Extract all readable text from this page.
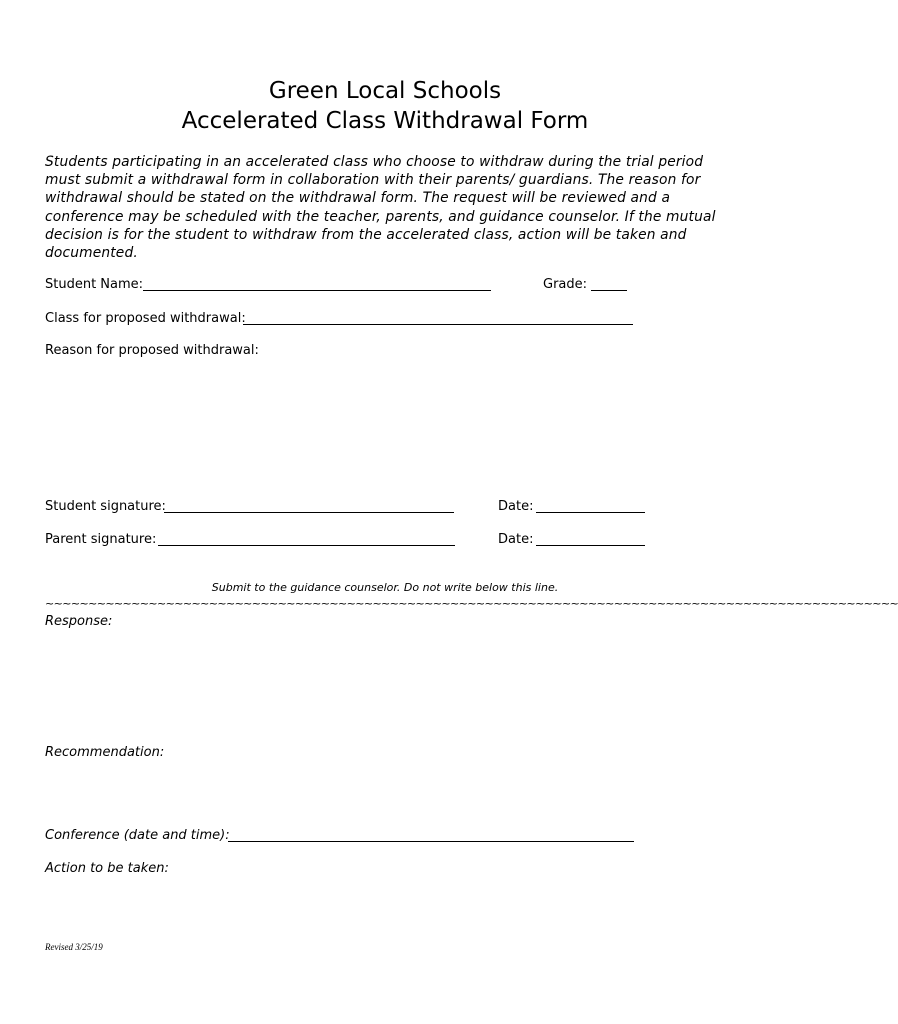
Green Local Schools
Accelerated Class Withdrawal Form
Students participating in an accelerated class who choose to withdraw during the trial period must submit a withdrawal form in collaboration with their parents/ guardians. The reason for withdrawal should be stated on the withdrawal form. The request will be reviewed and a conference may be scheduled with the teacher, parents, and guidance counselor. If the mutual decision is for the student to withdraw from the accelerated class, action will be taken and documented.
Student Name:	Grade:
Class for proposed withdrawal:
Reason for proposed withdrawal:
Student signature:	Date:
Parent signature:	Date:
Submit to the guidance counselor. Do not write below this line.
~~~~~~~~~~~~~~~~~~~~~~~~~~~~~~~~~~~~~~~~~~~~~~~~~~~~~~~~~~~~~~~~~~~~~~~~~~~~~~~~~~~~~~~~~~~~~~~~~~~
Response:
Recommendation:
Conference (date and time):
Action to be taken:
Revised 3/25/19
